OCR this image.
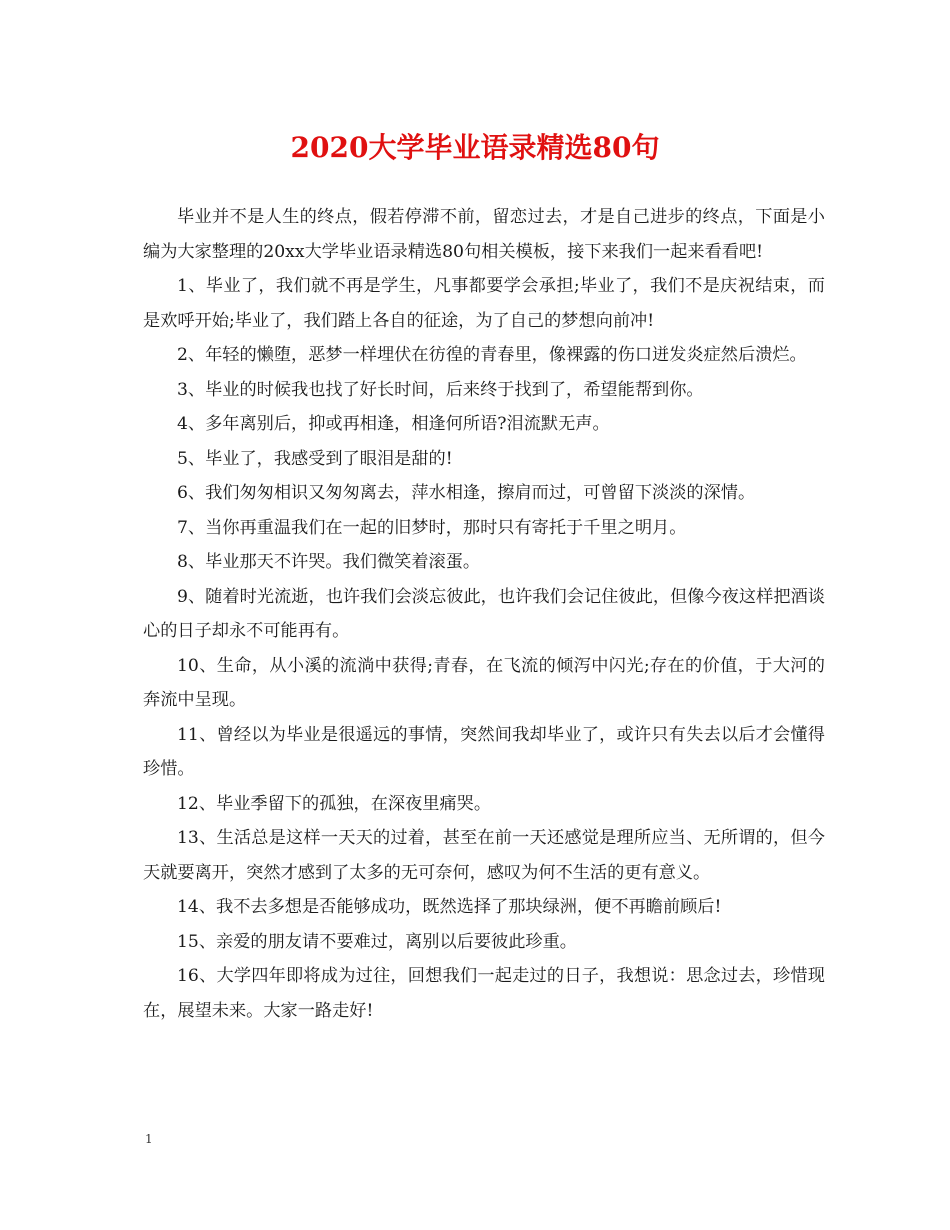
2020大学毕业语录精选80句

毕业并不是人生的终点，假若停滞不前，留恋过去，才是自己进步的终点，下面是小编为大家整理的20xx大学毕业语录精选80句相关模板，接下来我们一起来看看吧!

1、毕业了，我们就不再是学生，凡事都要学会承担;毕业了，我们不是庆祝结束，而是欢呼开始;毕业了，我们踏上各自的征途，为了自己的梦想向前冲!

2、年轻的懒堕，恶梦一样埋伏在彷徨的青春里，像裸露的伤口迸发炎症然后溃烂。

3、毕业的时候我也找了好长时间，后来终于找到了，希望能帮到你。

4、多年离别后，抑或再相逢，相逢何所语?泪流默无声。

5、毕业了，我感受到了眼泪是甜的!

6、我们匆匆相识又匆匆离去，萍水相逢，擦肩而过，可曾留下淡淡的深情。

7、当你再重温我们在一起的旧梦时，那时只有寄托于千里之明月。

8、毕业那天不许哭。我们微笑着滚蛋。

9、随着时光流逝，也许我们会淡忘彼此，也许我们会记住彼此，但像今夜这样把酒谈心的日子却永不可能再有。

10、生命，从小溪的流淌中获得;青春，在飞流的倾泻中闪光;存在的价值，于大河的奔流中呈现。

11、曾经以为毕业是很遥远的事情，突然间我却毕业了，或许只有失去以后才会懂得珍惜。

12、毕业季留下的孤独，在深夜里痛哭。

13、生活总是这样一天天的过着，甚至在前一天还感觉是理所应当、无所谓的，但今天就要离开，突然才感到了太多的无可奈何，感叹为何不生活的更有意义。

14、我不去多想是否能够成功，既然选择了那块绿洲，便不再瞻前顾后!

15、亲爱的朋友请不要难过，离别以后要彼此珍重。

16、大学四年即将成为过往，回想我们一起走过的日子，我想说：思念过去，珍惜现在，展望未来。大家一路走好!

1
